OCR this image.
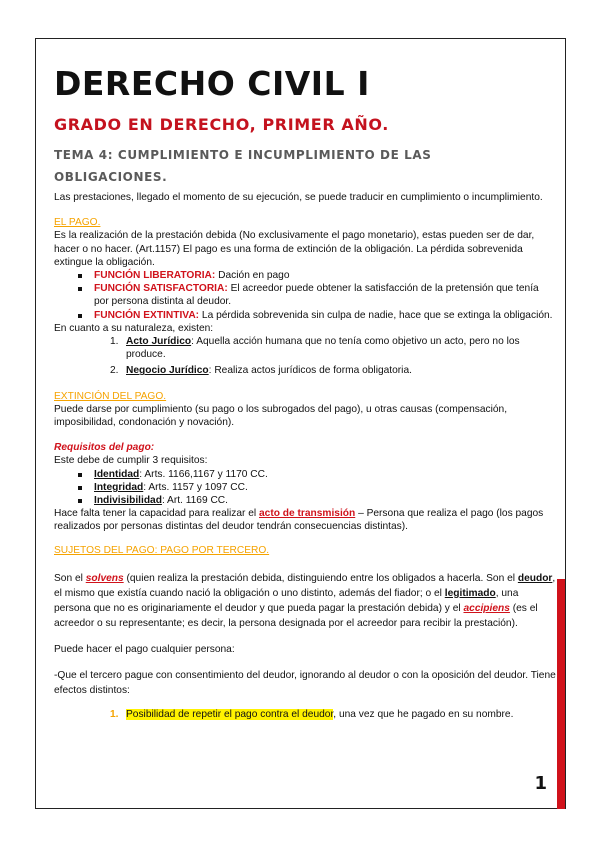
DERECHO CIVIL I
GRADO EN DERECHO, PRIMER AÑO.
TEMA 4: CUMPLIMIENTO E INCUMPLIMIENTO DE LAS
OBLIGACIONES.

Las prestaciones, llegado el momento de su ejecución, se puede traducir en cumplimiento o incumplimiento.

EL PAGO.

Es la realización de la prestación debida (No exclusivamente el pago monetario), estas pueden ser de dar, hacer o no hacer. (Art.1157) El pago es una forma de extinción de la obligación. La pérdida sobrevenida extingue la obligación.

FUNCIÓN LIBERATORIA: Dación en pago
FUNCIÓN SATISFACTORIA: El acreedor puede obtener la satisfacción de la pretensión que tenía por persona distinta al deudor.
FUNCIÓN EXTINTIVA: La pérdida sobrevenida sin culpa de nadie, hace que se extinga la obligación.

En cuanto a su naturaleza, existen:

1. Acto Jurídico: Aquella acción humana que no tenía como objetivo un acto, pero no los produce.
2. Negocio Jurídico: Realiza actos jurídicos de forma obligatoria.

EXTINCIÓN DEL PAGO.

Puede darse por cumplimiento (su pago o los subrogados del pago), u otras causas (compensación, imposibilidad, condonación y novación).

Requisitos del pago:

Este debe de cumplir 3 requisitos:

Identidad: Arts. 1166,1167 y 1170 CC.
Integridad: Arts. 1157 y 1097 CC.
Indivisibilidad: Art. 1169 CC.

Hace falta tener la capacidad para realizar el acto de transmisión – Persona que realiza el pago (los pagos realizados por personas distintas del deudor tendrán consecuencias distintas).

SUJETOS DEL PAGO: PAGO POR TERCERO.

Son el solvens (quien realiza la prestación debida, distinguiendo entre los obligados a hacerla. Son el deudor, el mismo que existía cuando nació la obligación o uno distinto, además del fiador; o el legitimado, una persona que no es originariamente el deudor y que pueda pagar la prestación debida) y el accipiens (es el acreedor o su representante; es decir, la persona designada por el acreedor para recibir la prestación).

Puede hacer el pago cualquier persona:

-Que el tercero pague con consentimiento del deudor, ignorando al deudor o con la oposición del deudor. Tiene efectos distintos:

1. Posibilidad de repetir el pago contra el deudor, una vez que he pagado en su nombre.
1
